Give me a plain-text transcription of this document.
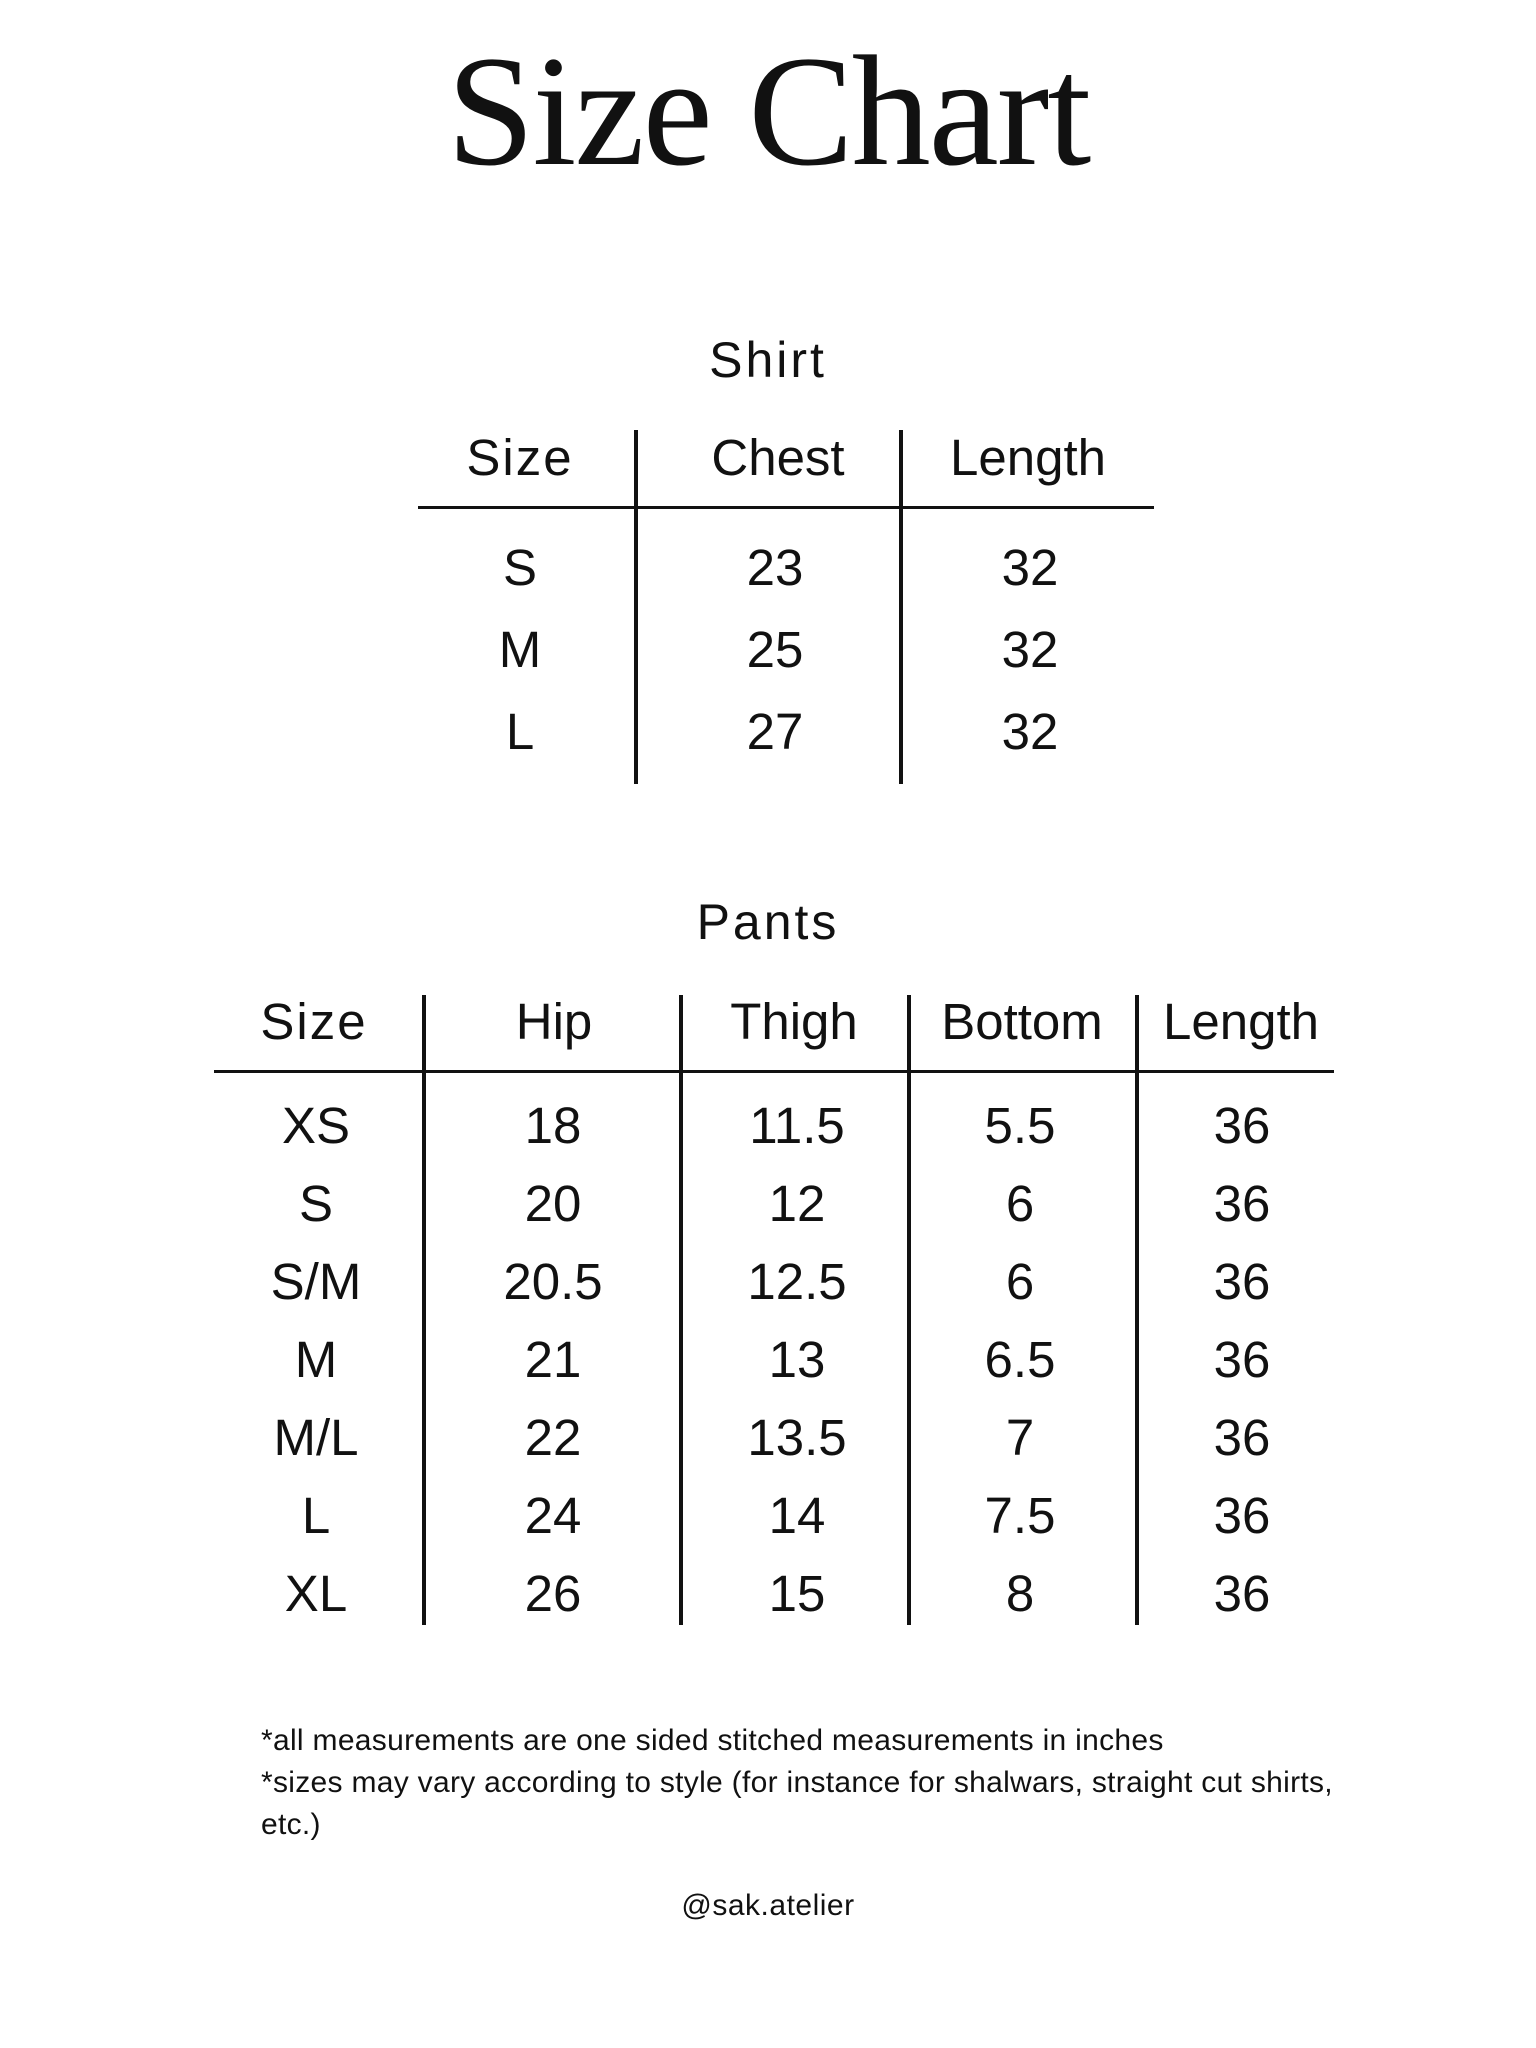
Size Chart
Shirt
Size	Chest	Length
S	23	32
M	25	32
L	27	32
Pants
Size	Hip	Thigh	Bottom	Length
XS	18	11.5	5.5	36
S	20	12	6	36
S/M	20.5	12.5	6	36
M	21	13	6.5	36
M/L	22	13.5	7	36
L	24	14	7.5	36
XL	26	15	8	36

*all measurements are one sided stitched measurements in inches

*sizes may vary according to style (for instance for shalwars, straight cut shirts, etc.)

@sak.atelier
